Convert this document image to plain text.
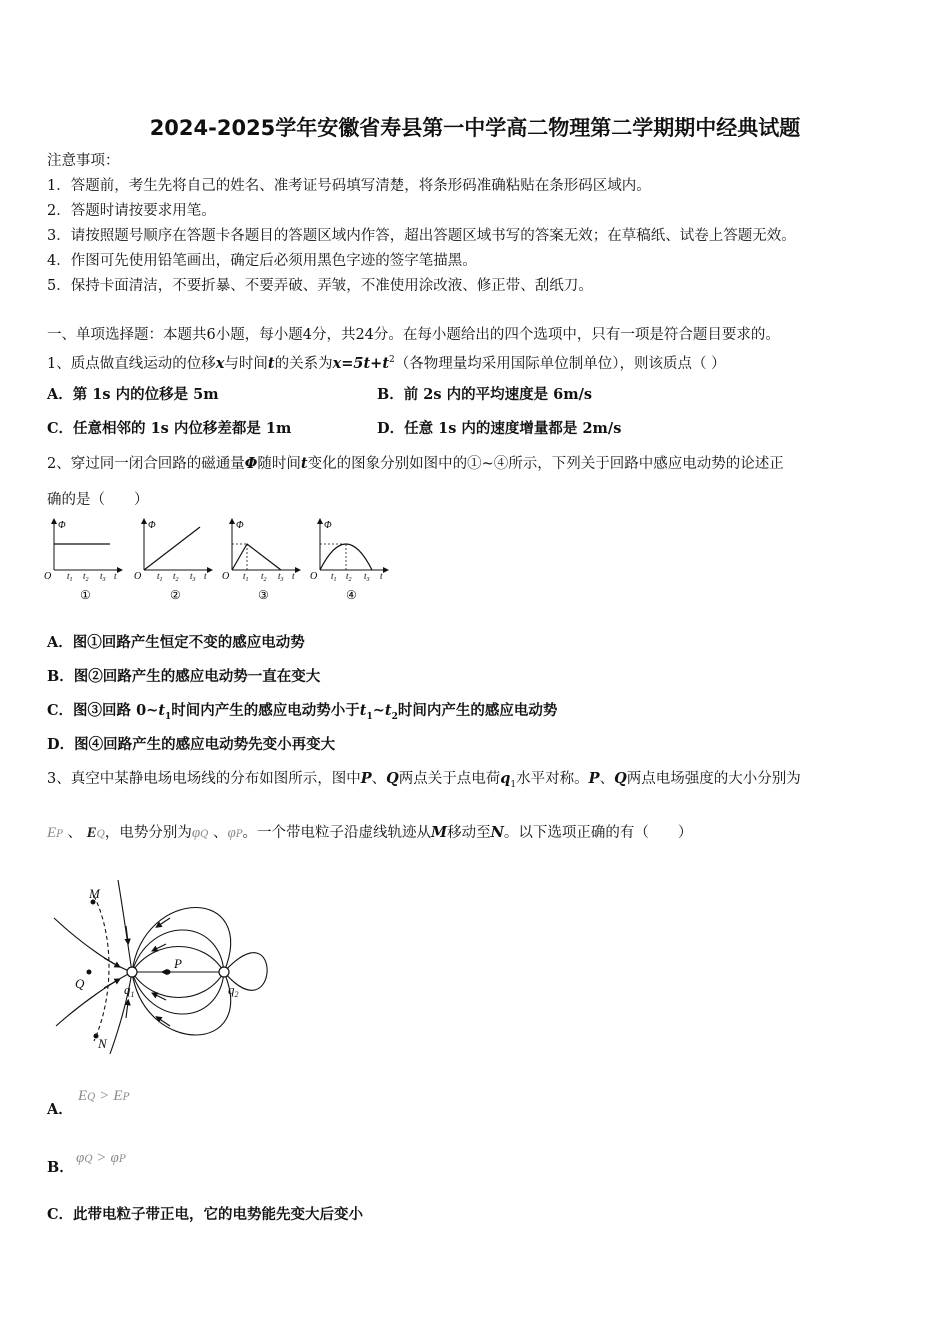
2024-2025学年安徽省寿县第一中学高二物理第二学期期中经典试题
注意事项：
1．答题前，考生先将自己的姓名、准考证号码填写清楚，将条形码准确粘贴在条形码区域内。
2．答题时请按要求用笔。
3．请按照题号顺序在答题卡各题目的答题区域内作答，超出答题区域书写的答案无效；在草稿纸、试卷上答题无效。
4．作图可先使用铅笔画出，确定后必须用黑色字迹的签字笔描黑。
5．保持卡面清洁，不要折暴、不要弄破、弄皱，不准使用涂改液、修正带、刮纸刀。
一、单项选择题：本题共6小题，每小题4分，共24分。在每小题给出的四个选项中，只有一项是符合题目要求的。
1、质点做直线运动的位移x与时间t的关系为$x=5t+t^2$（各物理量均采用国际单位制单位），则该质点（ ）
A．第 1s 内的位移是 5m	B．前 2s 内的平均速度是 6m/s
C．任意相邻的 1s 内位移差都是 1m	D．任意 1s 内的速度增量都是 2m/s
2、穿过同一闭合回路的磁通量Φ随时间t变化的图象分别如图中的①~④所示，下列关于回路中感应电动势的论述正
确的是（　　）
Φ
O $t_1$ $t_2$ $t_3$ t
①
Φ
O $t_1$ $t_2$ $t_3$ t
②
Φ
O $t_1$ $t_2$ $t_3$ t
③
Φ
O $t_1$ $t_2$ $t_3$ t
④
A．图①回路产生恒定不变的感应电动势
B．图②回路产生的感应电动势一直在变大
C．图③回路 $0\sim t_1$时间内产生的感应电动势小于$t_1\sim t_2$时间内产生的感应电动势
D．图④回路产生的感应电动势先变小再变大
3、真空中某静电场电场线的分布如图所示，图中P、Q两点关于点电荷$q_1$水平对称。P、Q两点电场强度的大小分别为
EP 、 EQ，电势分别为φQ 、φP。一个带电粒子沿虚线轨迹从M移动至N。以下选项正确的有（　　）
M
Q
P
N
$q_1$	$q_2$
A．
EQ > EP
B．
φQ > φP
C．此带电粒子带正电，它的电势能先变大后变小
